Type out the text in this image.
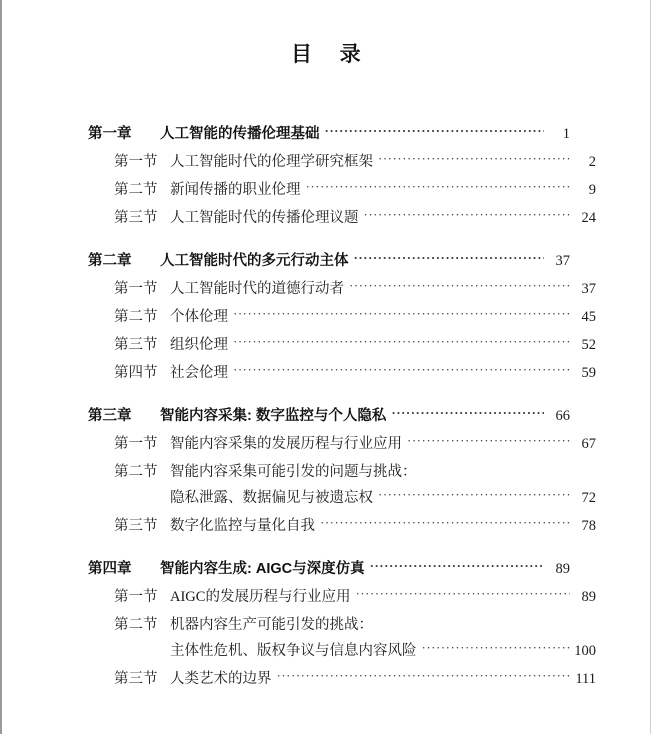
目　录
第一章	人工智能的传播伦理基础 ·····	1
第一节 人工智能时代的伦理学研究框架 ·····	2
第二节 新闻传播的职业伦理 ·····	9
第三节 人工智能时代的传播伦理议题 ·····	24
第二章	人工智能时代的多元行动主体 ·····	37
第一节 人工智能时代的道德行动者 ·····	37
第二节 个体伦理 ·····	45
第三节 组织伦理 ·····	52
第四节 社会伦理 ·····	59
第三章	智能内容采集: 数字监控与个人隐私 ·····	66
第一节 智能内容采集的发展历程与行业应用 ·····	67
第二节 智能内容采集可能引发的问题与挑战：
隐私泄露、数据偏见与被遗忘权 ·····	72
第三节 数字化监控与量化自我 ·····	78
第四章	智能内容生成: AIGC与深度仿真 ·····	89
第一节 AIGC的发展历程与行业应用 ·····	89
第二节 机器内容生产可能引发的挑战：
主体性危机、版权争议与信息内容风险 ·····	100
第三节 人类艺术的边界 ·····	111
